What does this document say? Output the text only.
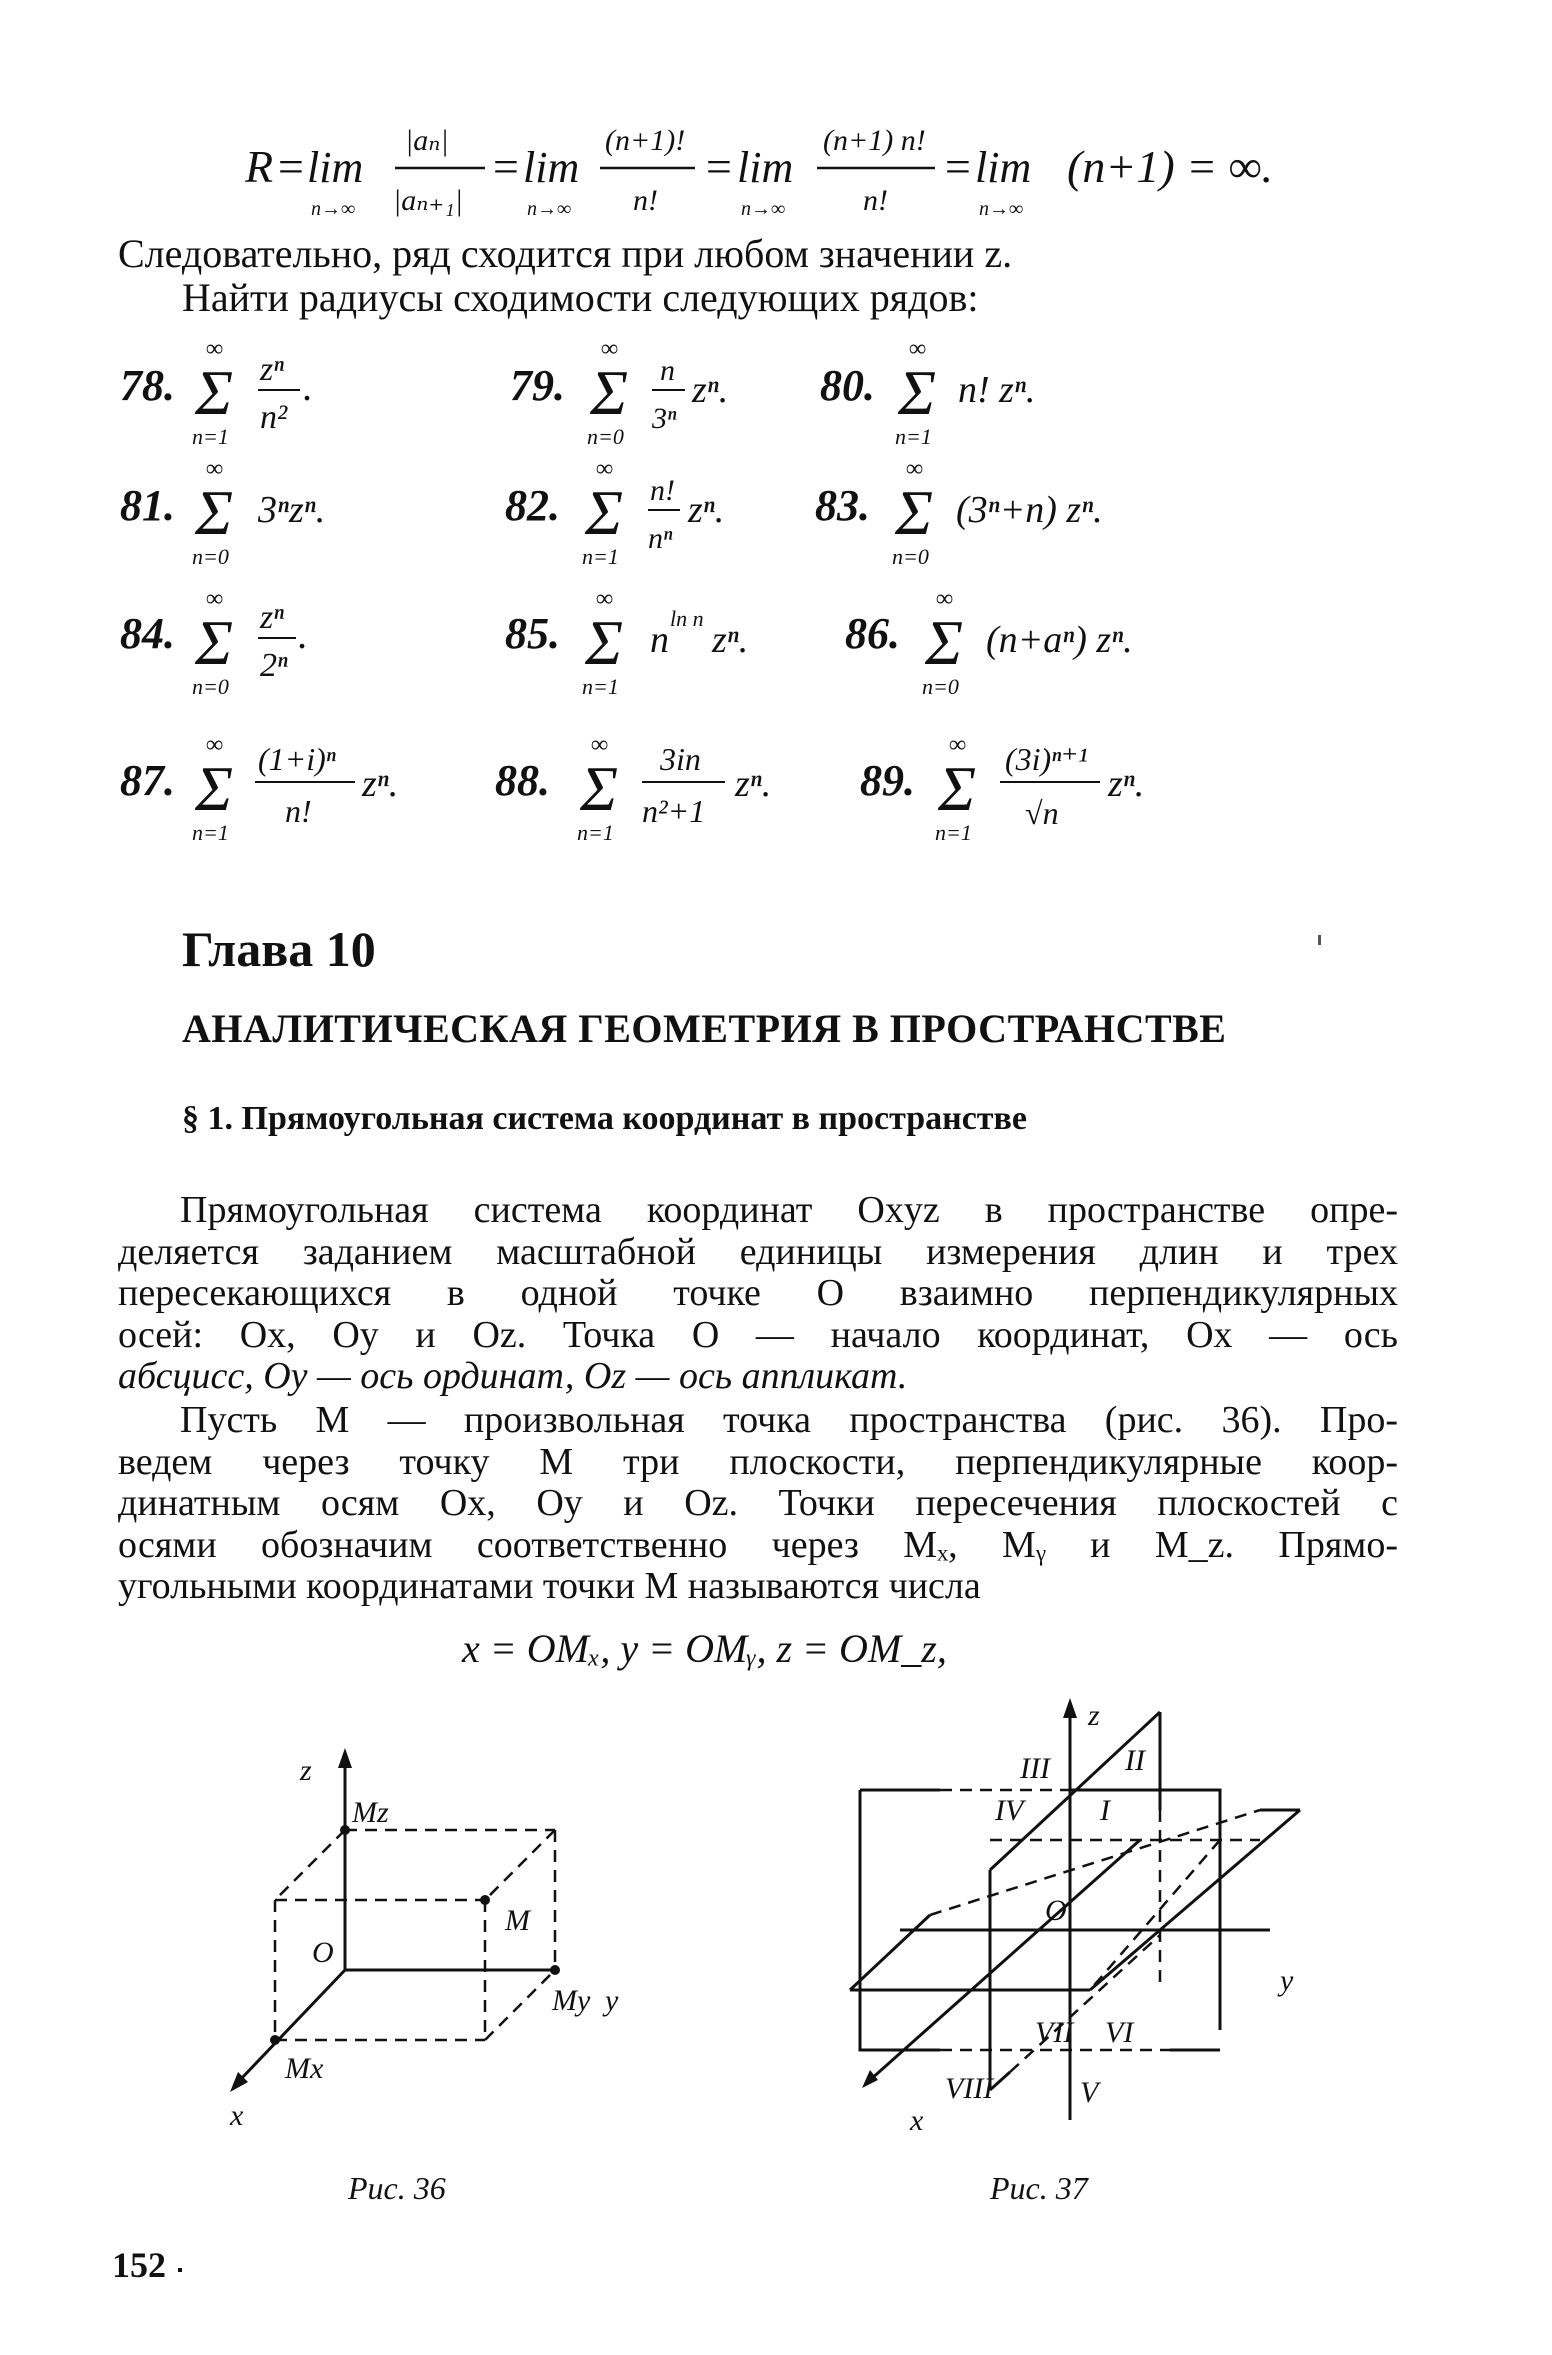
R = lim
n→∞
|aₙ|
|aₙ₊₁|
= lim
n→∞
(n+1)!
n!
= lim
n→∞
(n+1) n!
n!
= lim
n→∞
(n+1) = ∞.
Следовательно, ряд сходится при любом значении z.
Найти радиусы сходимости следующих рядов:
78. Σ
∞
n=1
zⁿ
n²
.	79. Σ
∞
n=0
n
3ⁿ
zⁿ. 80. Σ
∞
n=1
n! zⁿ.
81. Σ
∞
n=0
3ⁿzⁿ.	82. Σ
∞
n=1
n!
nⁿ
zⁿ. 83. Σ
∞
n=0
(3ⁿ+n) zⁿ.
84. Σ
∞
n=0
zⁿ
2ⁿ
.	85. Σ
∞
n=1
n
ln n
zⁿ. 86. Σ
∞
n=0
(n+aⁿ) zⁿ.
87. Σ
∞
n=1
(1+i)ⁿ
n!
zⁿ. 88. Σ
∞
n=1
3in
n²+1
zⁿ. 89. Σ
∞
n=1
(3i)ⁿ⁺¹
√n
zⁿ.
Глава 10
АНАЛИТИЧЕСКАЯ ГЕОМЕТРИЯ В ПРОСТРАНСТВЕ
§ 1. Прямоугольная система координат в пространстве
Прямоугольная система координат Oxyz в пространстве опре-
деляется заданием масштабной единицы измерения длин и трех
пересекающихся в одной точке O взаимно перпендикулярных
осей: Ox, Oy и Oz. Точка O — начало координат, Ox — ось
абсцисс, Oy — ось ординат, Oz — ось аппликат.
Пусть M — произвольная точка пространства (рис. 36). Про-
ведем через точку M три плоскости, перпендикулярные коор-
динатным осям Ox, Oy и Oz. Точки пересечения плоскостей с
осями обозначим соответственно через Mₓ, Mᵧ и M_z. Прямо-
угольными координатами точки M называются числа
x = OMₓ, y = OMᵧ, z = OM_z,
z
Mz
M
O
My y
Mx
x
Рис. 36
z
II
III
IV	I
O
y
VII VI
VIII	V
x
Рис. 37
152
